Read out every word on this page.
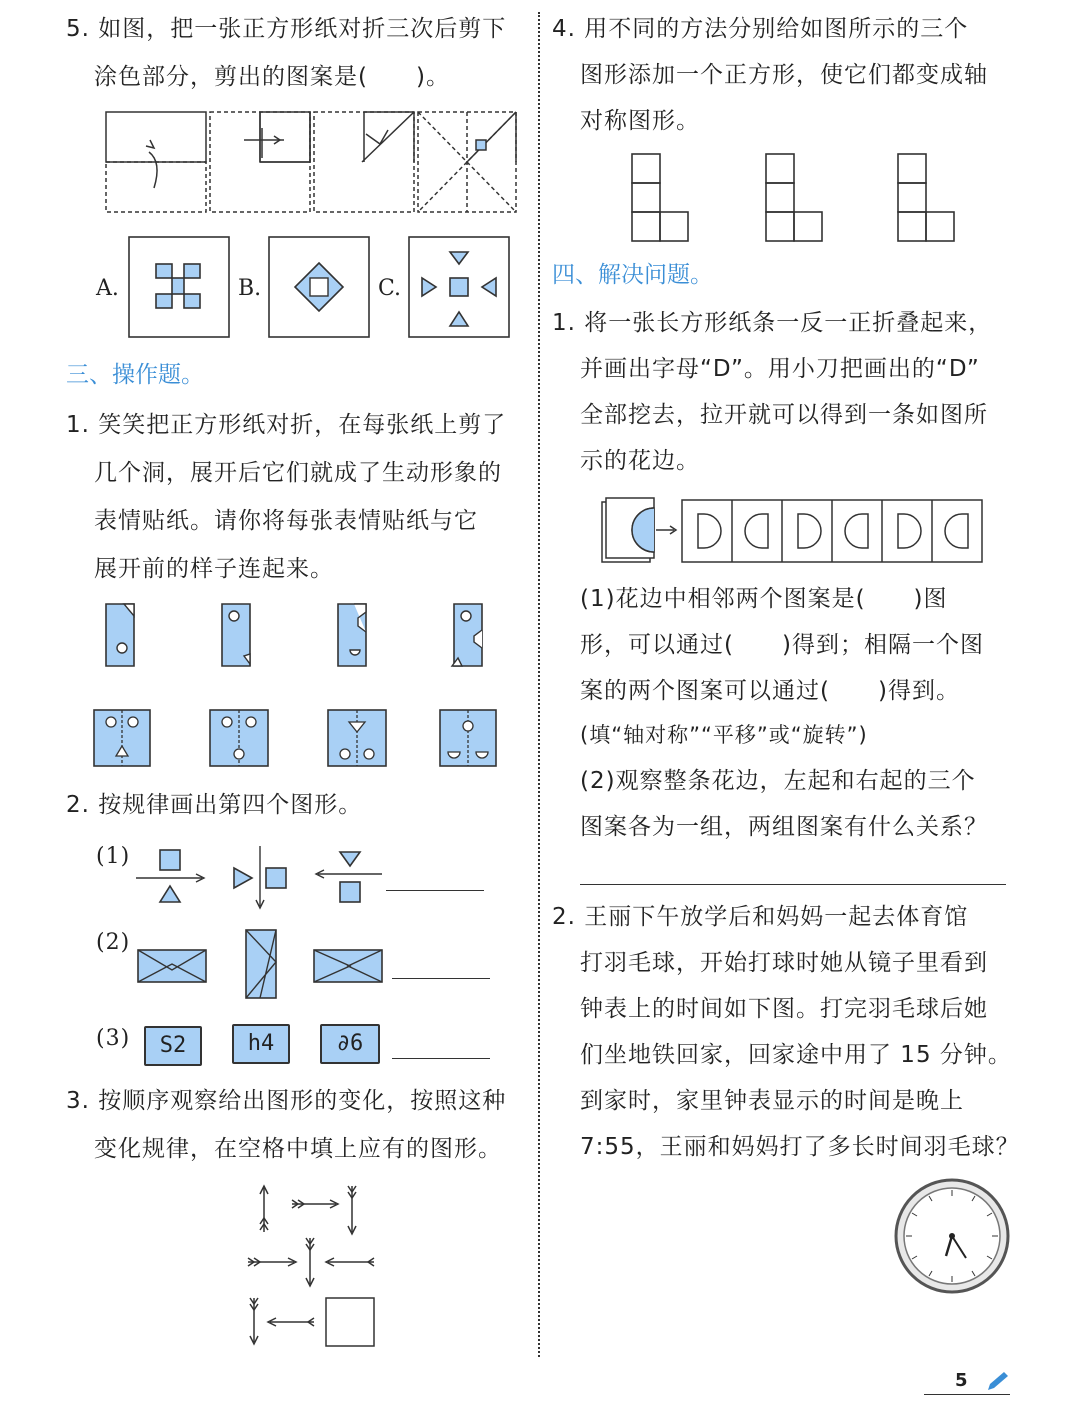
5. 如图，把一张正方形纸对折三次后剪下
涂色部分，剪出的图案是(　　)。
A.	B.	C.
三、操作题。
1. 笑笑把正方形纸对折，在每张纸上剪了
几个洞，展开后它们就成了生动形象的
表情贴纸。请你将每张表情贴纸与它
展开前的样子连起来。
2. 按规律画出第四个图形。
(1)
(2)
(3)	S2	h4	∂6
3. 按顺序观察给出图形的变化，按照这种
变化规律，在空格中填上应有的图形。
4. 用不同的方法分别给如图所示的三个
图形添加一个正方形，使它们都变成轴
对称图形。
四、解决问题。
1. 将一张长方形纸条一反一正折叠起来，
并画出字母“D”。用小刀把画出的“D”
全部挖去，拉开就可以得到一条如图所
示的花边。
(1)花边中相邻两个图案是(　　)图
形，可以通过(　　)得到；相隔一个图
案的两个图案可以通过(　　)得到。
(填“轴对称”“平移”或“旋转”)
(2)观察整条花边，左起和右起的三个
图案各为一组，两组图案有什么关系？
2. 王丽下午放学后和妈妈一起去体育馆
打羽毛球，开始打球时她从镜子里看到
钟表上的时间如下图。打完羽毛球后她
们坐地铁回家，回家途中用了 15 分钟。
到家时，家里钟表显示的时间是晚上
7:55，王丽和妈妈打了多长时间羽毛球？
5
